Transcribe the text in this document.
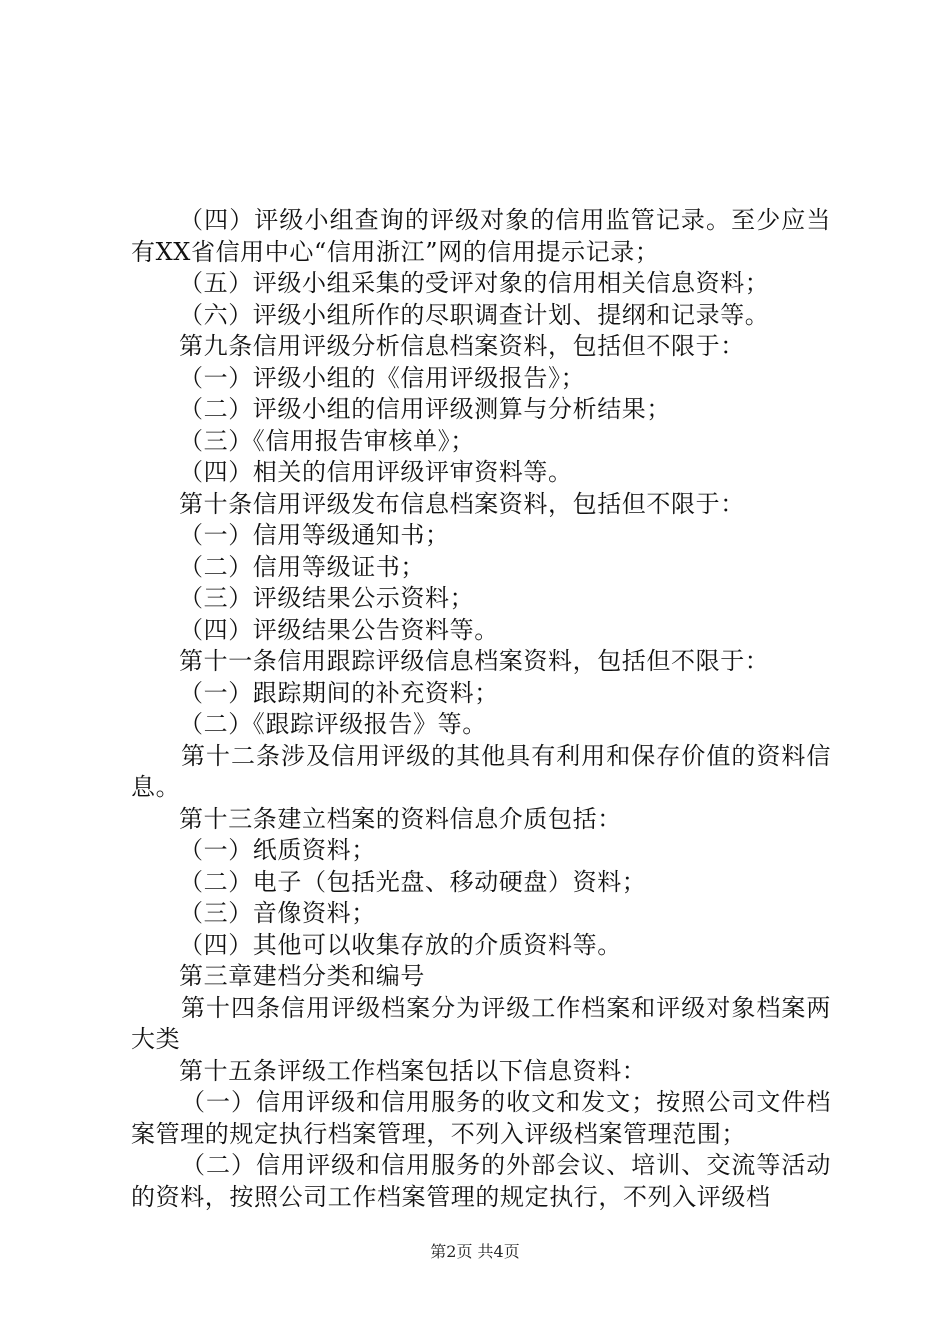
（四）评级小组查询的评级对象的信用监管记录。至少应当有XX省信用中心“信用浙江”网的信用提示记录；

（五）评级小组采集的受评对象的信用相关信息资料；

（六）评级小组所作的尽职调查计划、提纲和记录等。

第九条信用评级分析信息档案资料，包括但不限于：

（一）评级小组的《信用评级报告》；

（二）评级小组的信用评级测算与分析结果；

（三）《信用报告审核单》；

（四）相关的信用评级评审资料等。

第十条信用评级发布信息档案资料，包括但不限于：

（一）信用等级通知书；

（二）信用等级证书；

（三）评级结果公示资料；

（四）评级结果公告资料等。

第十一条信用跟踪评级信息档案资料，包括但不限于：

（一）跟踪期间的补充资料；

（二）《跟踪评级报告》等。

第十二条涉及信用评级的其他具有利用和保存价值的资料信息。

第十三条建立档案的资料信息介质包括：

（一）纸质资料；

（二）电子（包括光盘、移动硬盘）资料；

（三）音像资料；

（四）其他可以收集存放的介质资料等。

第三章建档分类和编号

第十四条信用评级档案分为评级工作档案和评级对象档案两大类

第十五条评级工作档案包括以下信息资料：

（一）信用评级和信用服务的收文和发文；按照公司文件档案管理的规定执行档案管理，不列入评级档案管理范围；

（二）信用评级和信用服务的外部会议、培训、交流等活动的资料，按照公司工作档案管理的规定执行，不列入评级档

第2页 共4页
